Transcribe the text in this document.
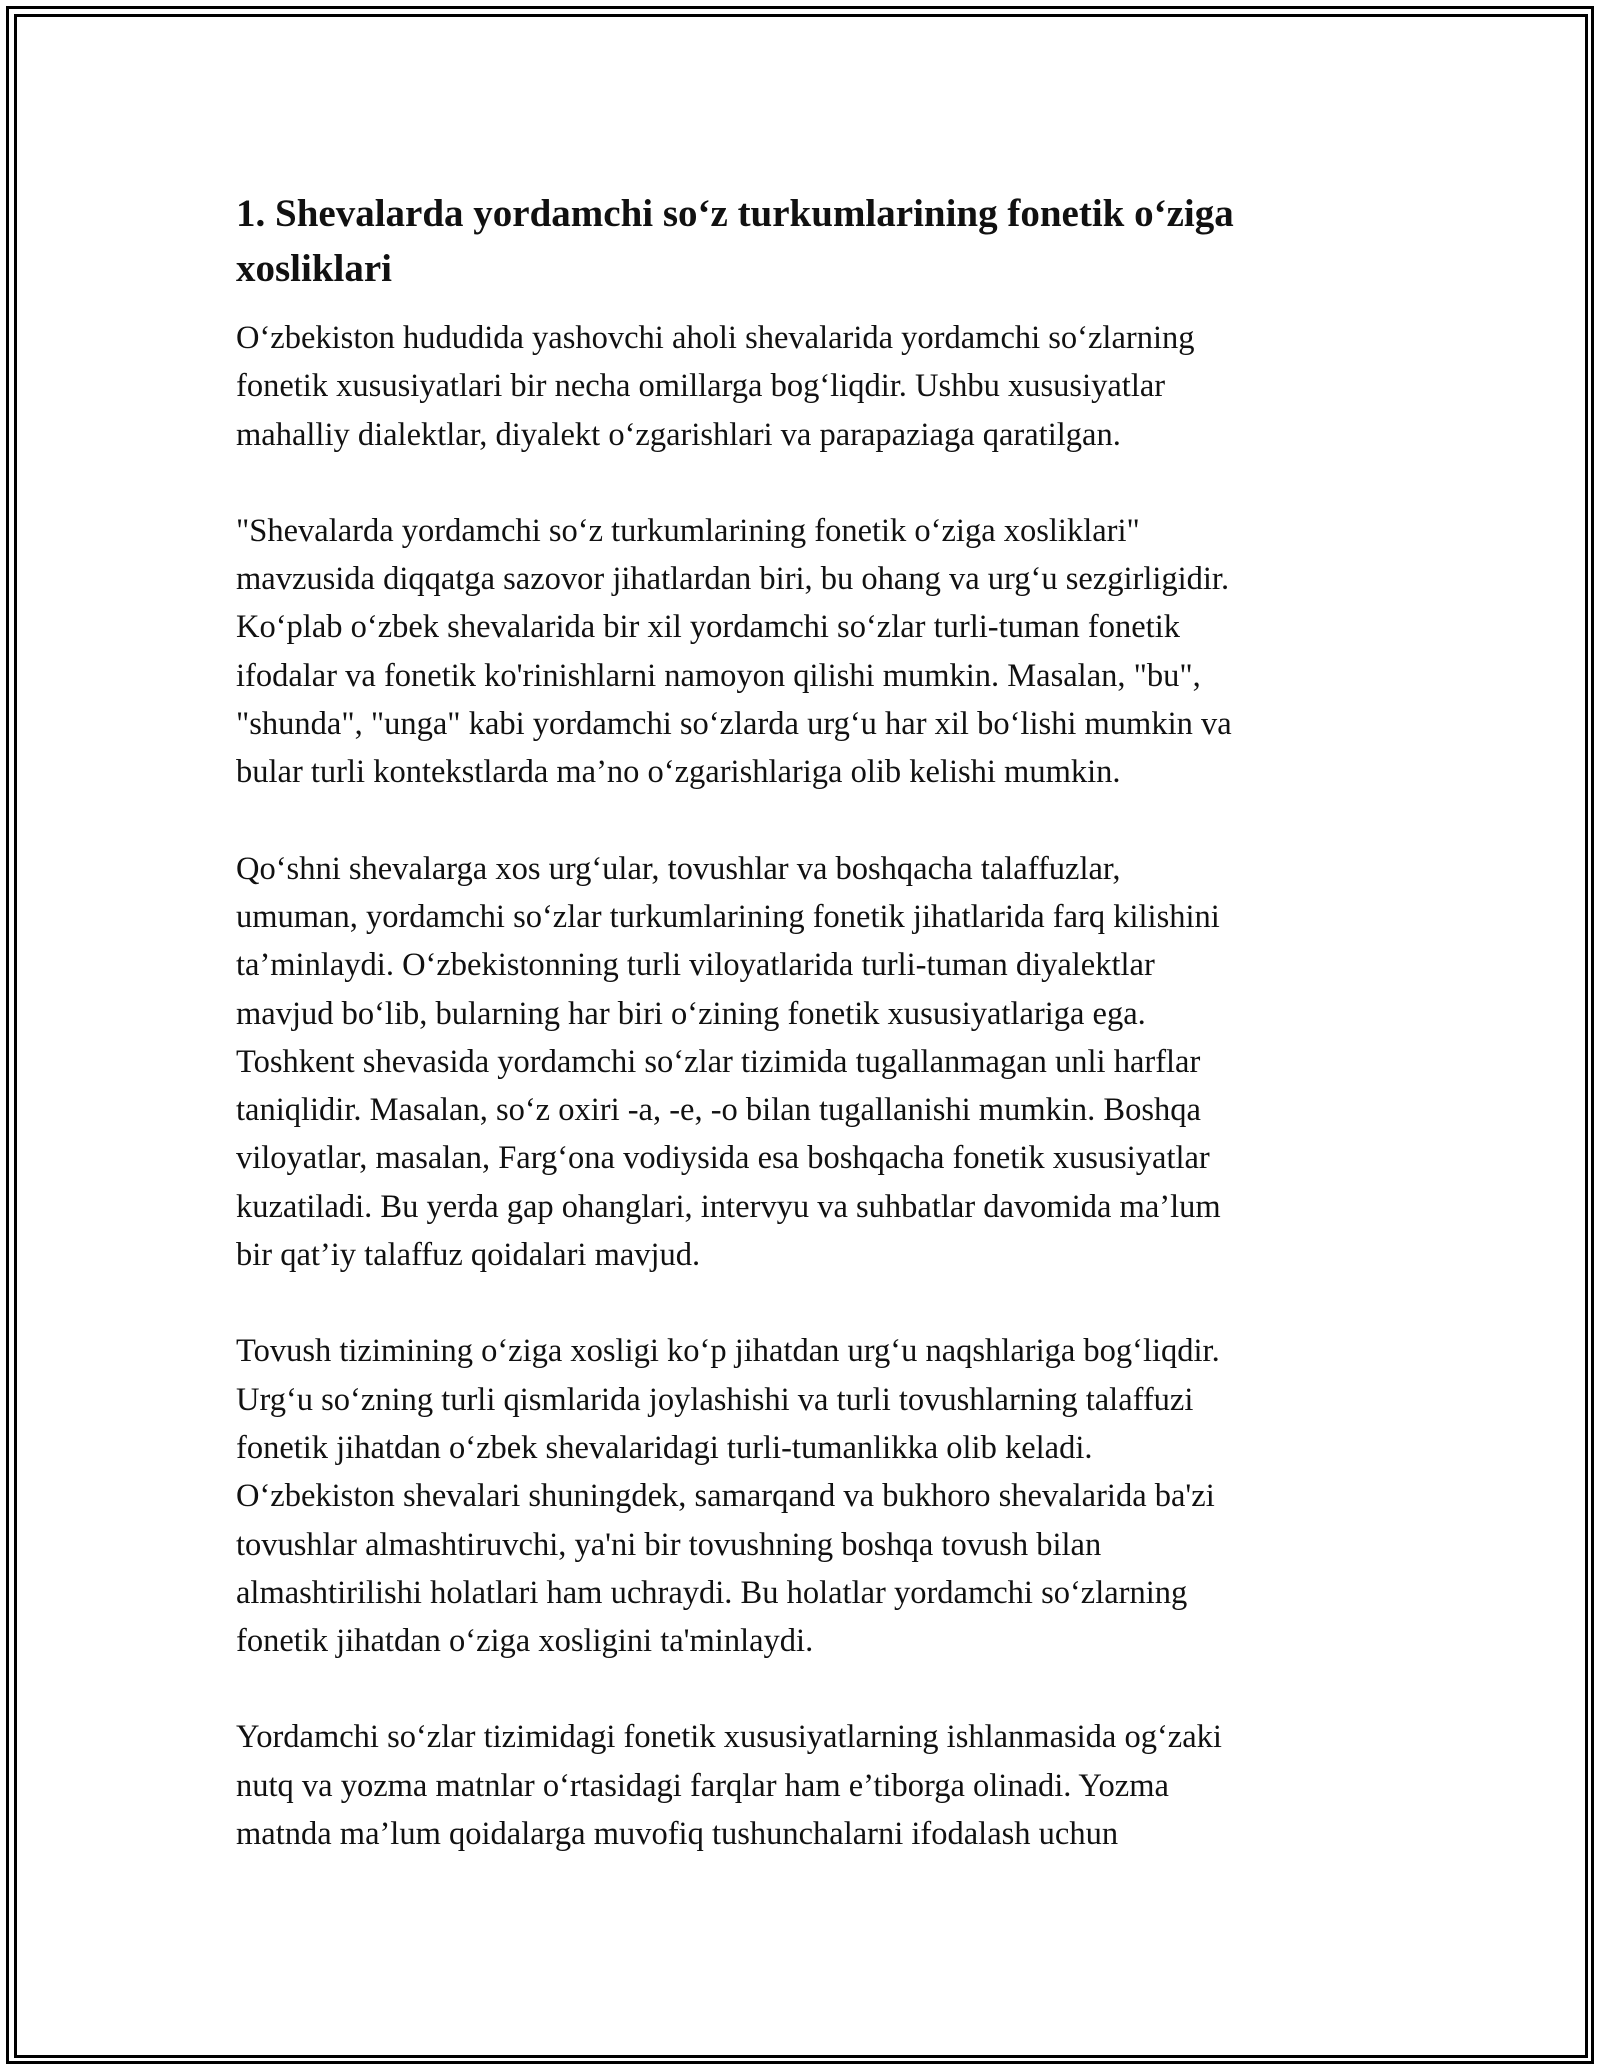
1. Shevalarda yordamchi so‘z turkumlarining fonetik o‘ziga
xosliklari

O‘zbekiston hududida yashovchi aholi shevalarida yordamchi so‘zlarning
fonetik xususiyatlari bir necha omillarga bog‘liqdir. Ushbu xususiyatlar
mahalliy dialektlar, diyalekt o‘zgarishlari va parapaziaga qaratilgan.

"Shevalarda yordamchi so‘z turkumlarining fonetik o‘ziga xosliklari"
mavzusida diqqatga sazovor jihatlardan biri, bu ohang va urg‘u sezgirligidir.
Ko‘plab o‘zbek shevalarida bir xil yordamchi so‘zlar turli-tuman fonetik
ifodalar va fonetik ko'rinishlarni namoyon qilishi mumkin. Masalan, "bu",
"shunda", "unga" kabi yordamchi so‘zlarda urg‘u har xil bo‘lishi mumkin va
bular turli kontekstlarda ma’no o‘zgarishlariga olib kelishi mumkin.

Qo‘shni shevalarga xos urg‘ular, tovushlar va boshqacha talaffuzlar,
umuman, yordamchi so‘zlar turkumlarining fonetik jihatlarida farq kilishini
ta’minlaydi. O‘zbekistonning turli viloyatlarida turli-tuman diyalektlar
mavjud bo‘lib, bularning har biri o‘zining fonetik xususiyatlariga ega.
Toshkent shevasida yordamchi so‘zlar tizimida tugallanmagan unli harflar
taniqlidir. Masalan, so‘z oxiri -a, -e, -o bilan tugallanishi mumkin. Boshqa
viloyatlar, masalan, Farg‘ona vodiysida esa boshqacha fonetik xususiyatlar
kuzatiladi. Bu yerda gap ohanglari, intervyu va suhbatlar davomida ma’lum
bir qat’iy talaffuz qoidalari mavjud.

Tovush tizimining o‘ziga xosligi ko‘p jihatdan urg‘u naqshlariga bog‘liqdir.
Urg‘u so‘zning turli qismlarida joylashishi va turli tovushlarning talaffuzi
fonetik jihatdan o‘zbek shevalaridagi turli-tumanlikka olib keladi.
O‘zbekiston shevalari shuningdek, samarqand va bukhoro shevalarida ba'zi
tovushlar almashtiruvchi, ya'ni bir tovushning boshqa tovush bilan
almashtirilishi holatlari ham uchraydi. Bu holatlar yordamchi so‘zlarning
fonetik jihatdan o‘ziga xosligini ta'minlaydi.

Yordamchi so‘zlar tizimidagi fonetik xususiyatlarning ishlanmasida og‘zaki
nutq va yozma matnlar o‘rtasidagi farqlar ham e’tiborga olinadi. Yozma
matnda ma’lum qoidalarga muvofiq tushunchalarni ifodalash uchun
